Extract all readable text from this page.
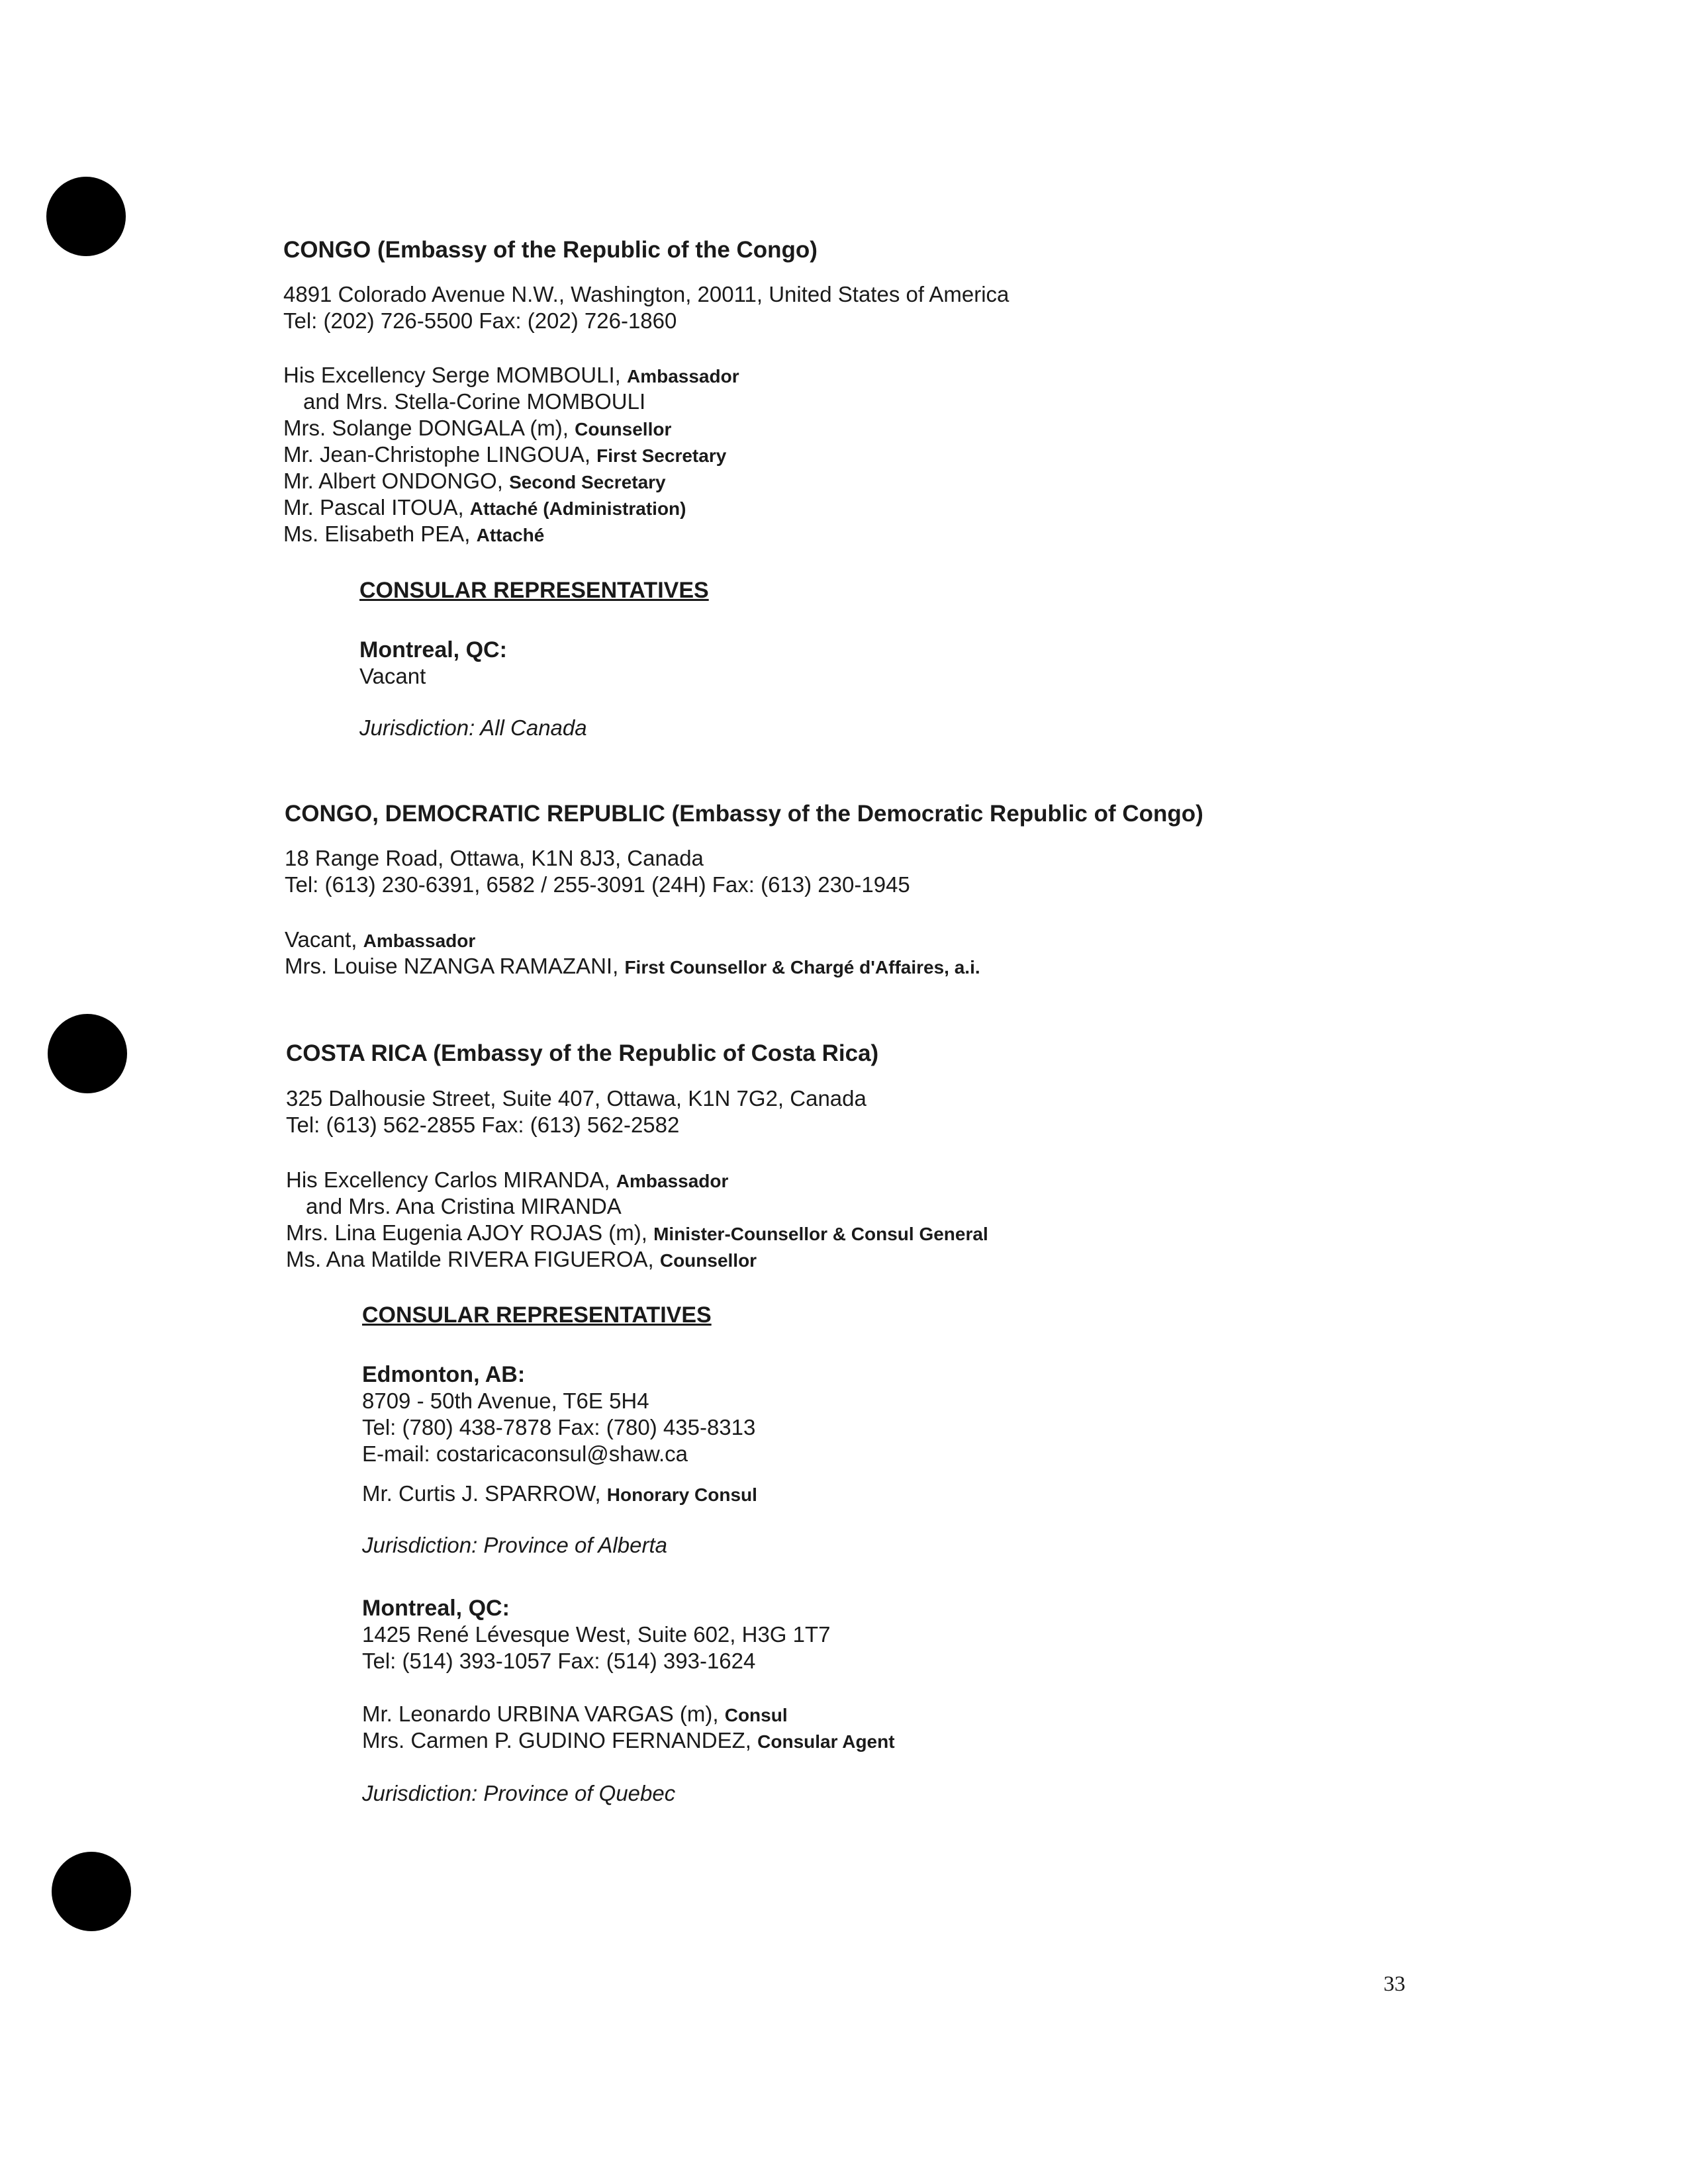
CONGO (Embassy of the Republic of the Congo)
4891 Colorado Avenue N.W., Washington, 20011, United States of America
Tel: (202) 726-5500 Fax: (202) 726-1860
His Excellency Serge MOMBOULI, Ambassador
and Mrs. Stella-Corine MOMBOULI
Mrs. Solange DONGALA (m), Counsellor
Mr. Jean-Christophe LINGOUA, First Secretary
Mr. Albert ONDONGO, Second Secretary
Mr. Pascal ITOUA, Attaché (Administration)
Ms. Elisabeth PEA, Attaché
CONSULAR REPRESENTATIVES
Montreal, QC:
Vacant
Jurisdiction: All Canada
CONGO, DEMOCRATIC REPUBLIC (Embassy of the Democratic Republic of Congo)
18 Range Road, Ottawa, K1N 8J3, Canada
Tel: (613) 230-6391, 6582 / 255-3091 (24H) Fax: (613) 230-1945
Vacant, Ambassador
Mrs. Louise NZANGA RAMAZANI, First Counsellor & Chargé d'Affaires, a.i.
COSTA RICA (Embassy of the Republic of Costa Rica)
325 Dalhousie Street, Suite 407, Ottawa, K1N 7G2, Canada
Tel: (613) 562-2855 Fax: (613) 562-2582
His Excellency Carlos MIRANDA, Ambassador
and Mrs. Ana Cristina MIRANDA
Mrs. Lina Eugenia AJOY ROJAS (m), Minister-Counsellor & Consul General
Ms. Ana Matilde RIVERA FIGUEROA, Counsellor
CONSULAR REPRESENTATIVES
Edmonton, AB:
8709 - 50th Avenue, T6E 5H4
Tel: (780) 438-7878 Fax: (780) 435-8313
E-mail: costaricaconsul@shaw.ca
Mr. Curtis J. SPARROW, Honorary Consul
Jurisdiction: Province of Alberta
Montreal, QC:
1425 René Lévesque West, Suite 602, H3G 1T7
Tel: (514) 393-1057 Fax: (514) 393-1624
Mr. Leonardo URBINA VARGAS (m), Consul
Mrs. Carmen P. GUDINO FERNANDEZ, Consular Agent
Jurisdiction: Province of Quebec
33
